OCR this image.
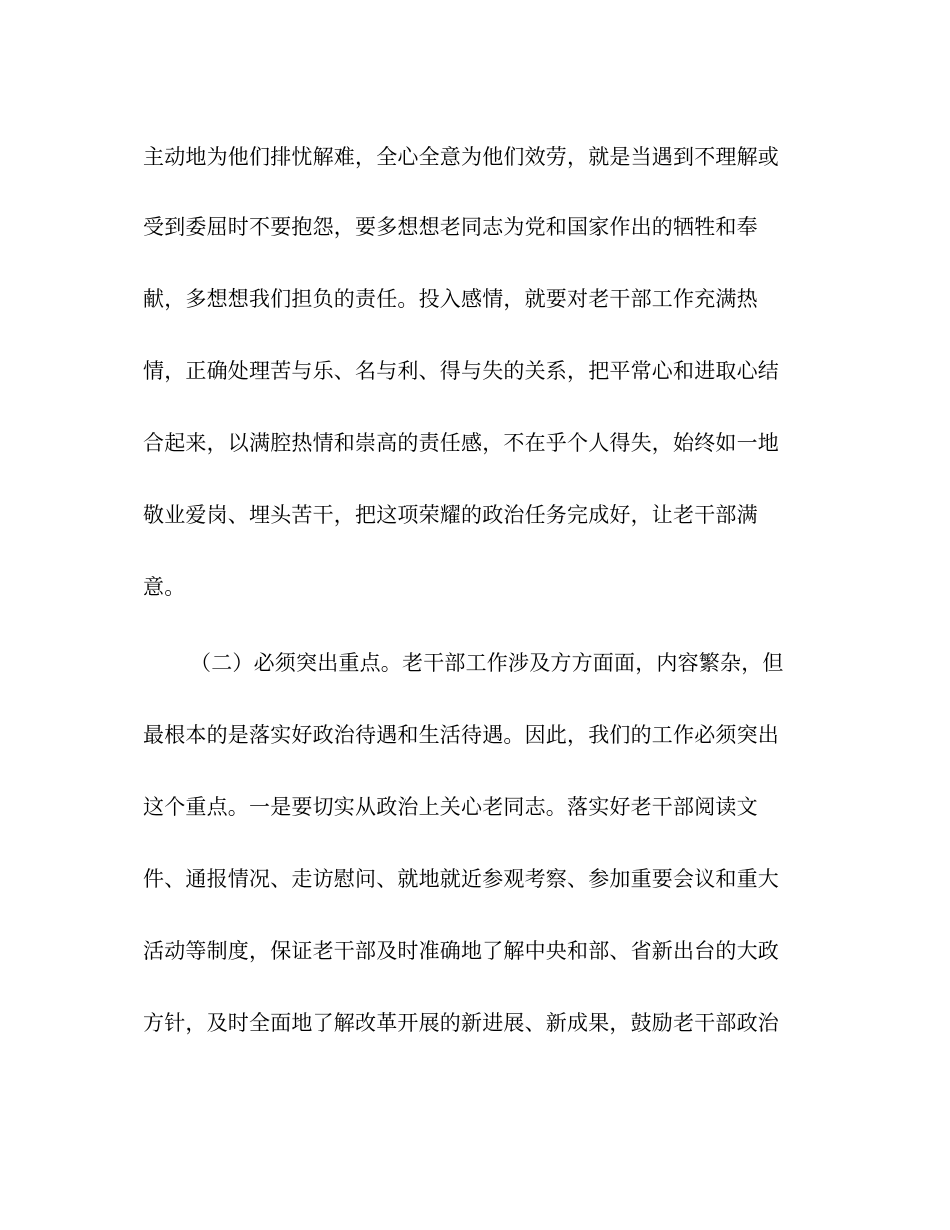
主动地为他们排忧解难，全心全意为他们效劳，就是当遇到不理解或
受到委屈时不要抱怨，要多想想老同志为党和国家作出的牺牲和奉
献，多想想我们担负的责任。投入感情，就要对老干部工作充满热
情，正确处理苦与乐、名与利、得与失的关系，把平常心和进取心结
合起来，以满腔热情和崇高的责任感，不在乎个人得失，始终如一地
敬业爱岗、埋头苦干，把这项荣耀的政治任务完成好，让老干部满
意。
（二）必须突出重点。老干部工作涉及方方面面，内容繁杂，但
最根本的是落实好政治待遇和生活待遇。因此，我们的工作必须突出
这个重点。一是要切实从政治上关心老同志。落实好老干部阅读文
件、通报情况、走访慰问、就地就近参观考察、参加重要会议和重大
活动等制度，保证老干部及时准确地了解中央和部、省新出台的大政
方针，及时全面地了解改革开展的新进展、新成果，鼓励老干部政治
